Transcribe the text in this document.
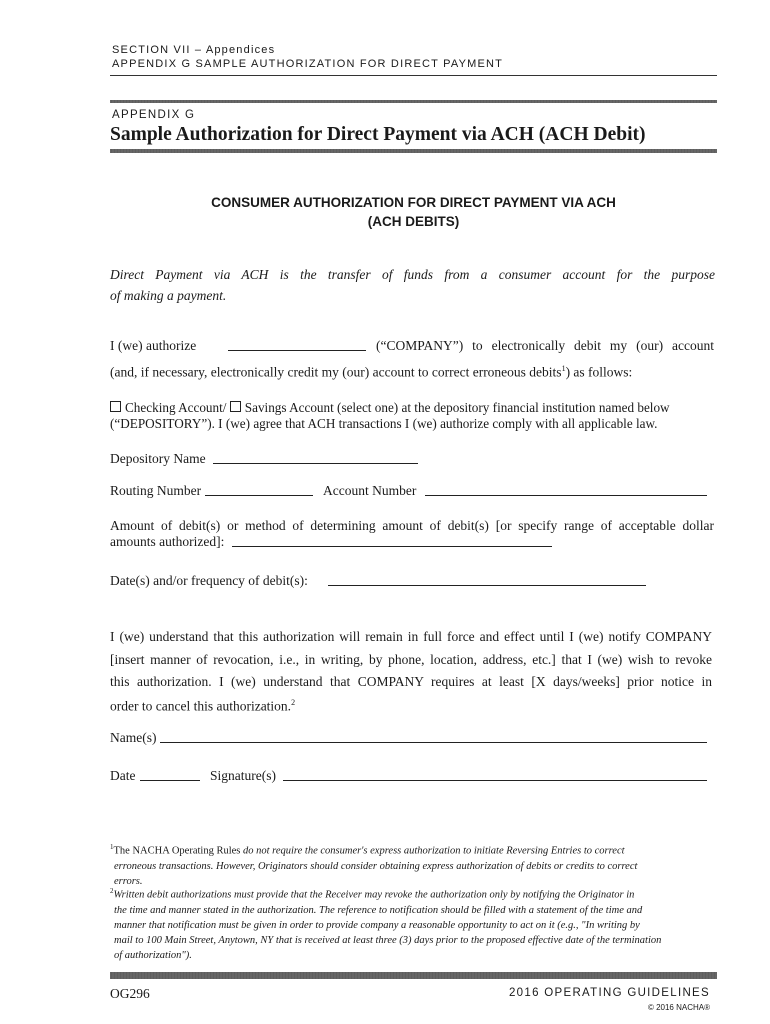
SECTION VII – Appendices
APPENDIX G SAMPLE AUTHORIZATION FOR DIRECT PAYMENT
APPENDIX G
Sample Authorization for Direct Payment via ACH (ACH Debit)
CONSUMER AUTHORIZATION FOR DIRECT PAYMENT VIA ACH
(ACH DEBITS)
Direct Payment via ACH is the transfer of funds from a consumer account for the purpose
of making a payment.
I (we) authorize	(“COMPANY”) to electronically debit my (our) account
(and, if necessary, electronically credit my (our) account to correct erroneous debits$^1$) as follows:
Checking Account/ Savings Account (select one) at the depository financial institution named below
(“DEPOSITORY”). I (we) agree that ACH transactions I (we) authorize comply with all applicable law.
Depository Name
Routing Number	Account Number
Amount of debit(s) or method of determining amount of debit(s) [or specify range of acceptable dollar
amounts authorized]:
Date(s) and/or frequency of debit(s):
I (we) understand that this authorization will remain in full force and effect until I (we) notify COMPANY
[insert manner of revocation, i.e., in writing, by phone, location, address, etc.] that I (we) wish to revoke
this authorization. I (we) understand that COMPANY requires at least [X days/weeks] prior notice in
order to cancel this authorization.$^2$
Name(s)
Date	Signature(s)
$^1$The NACHA Operating Rules do not require the consumer's express authorization to initiate Reversing Entries to correct
erroneous transactions. However, Originators should consider obtaining express authorization of debits or credits to correct
errors.
$^2$Written debit authorizations must provide that the Receiver may revoke the authorization only by notifying the Originator in
the time and manner stated in the authorization. The reference to notification should be filled with a statement of the time and
manner that notification must be given in order to provide company a reasonable opportunity to act on it (e.g., "In writing by
mail to 100 Main Street, Anytown, NY that is received at least three (3) days prior to the proposed effective date of the termination
of authorization").
OG296	2016 OPERATING GUIDELINES
© 2016 NACHA®
